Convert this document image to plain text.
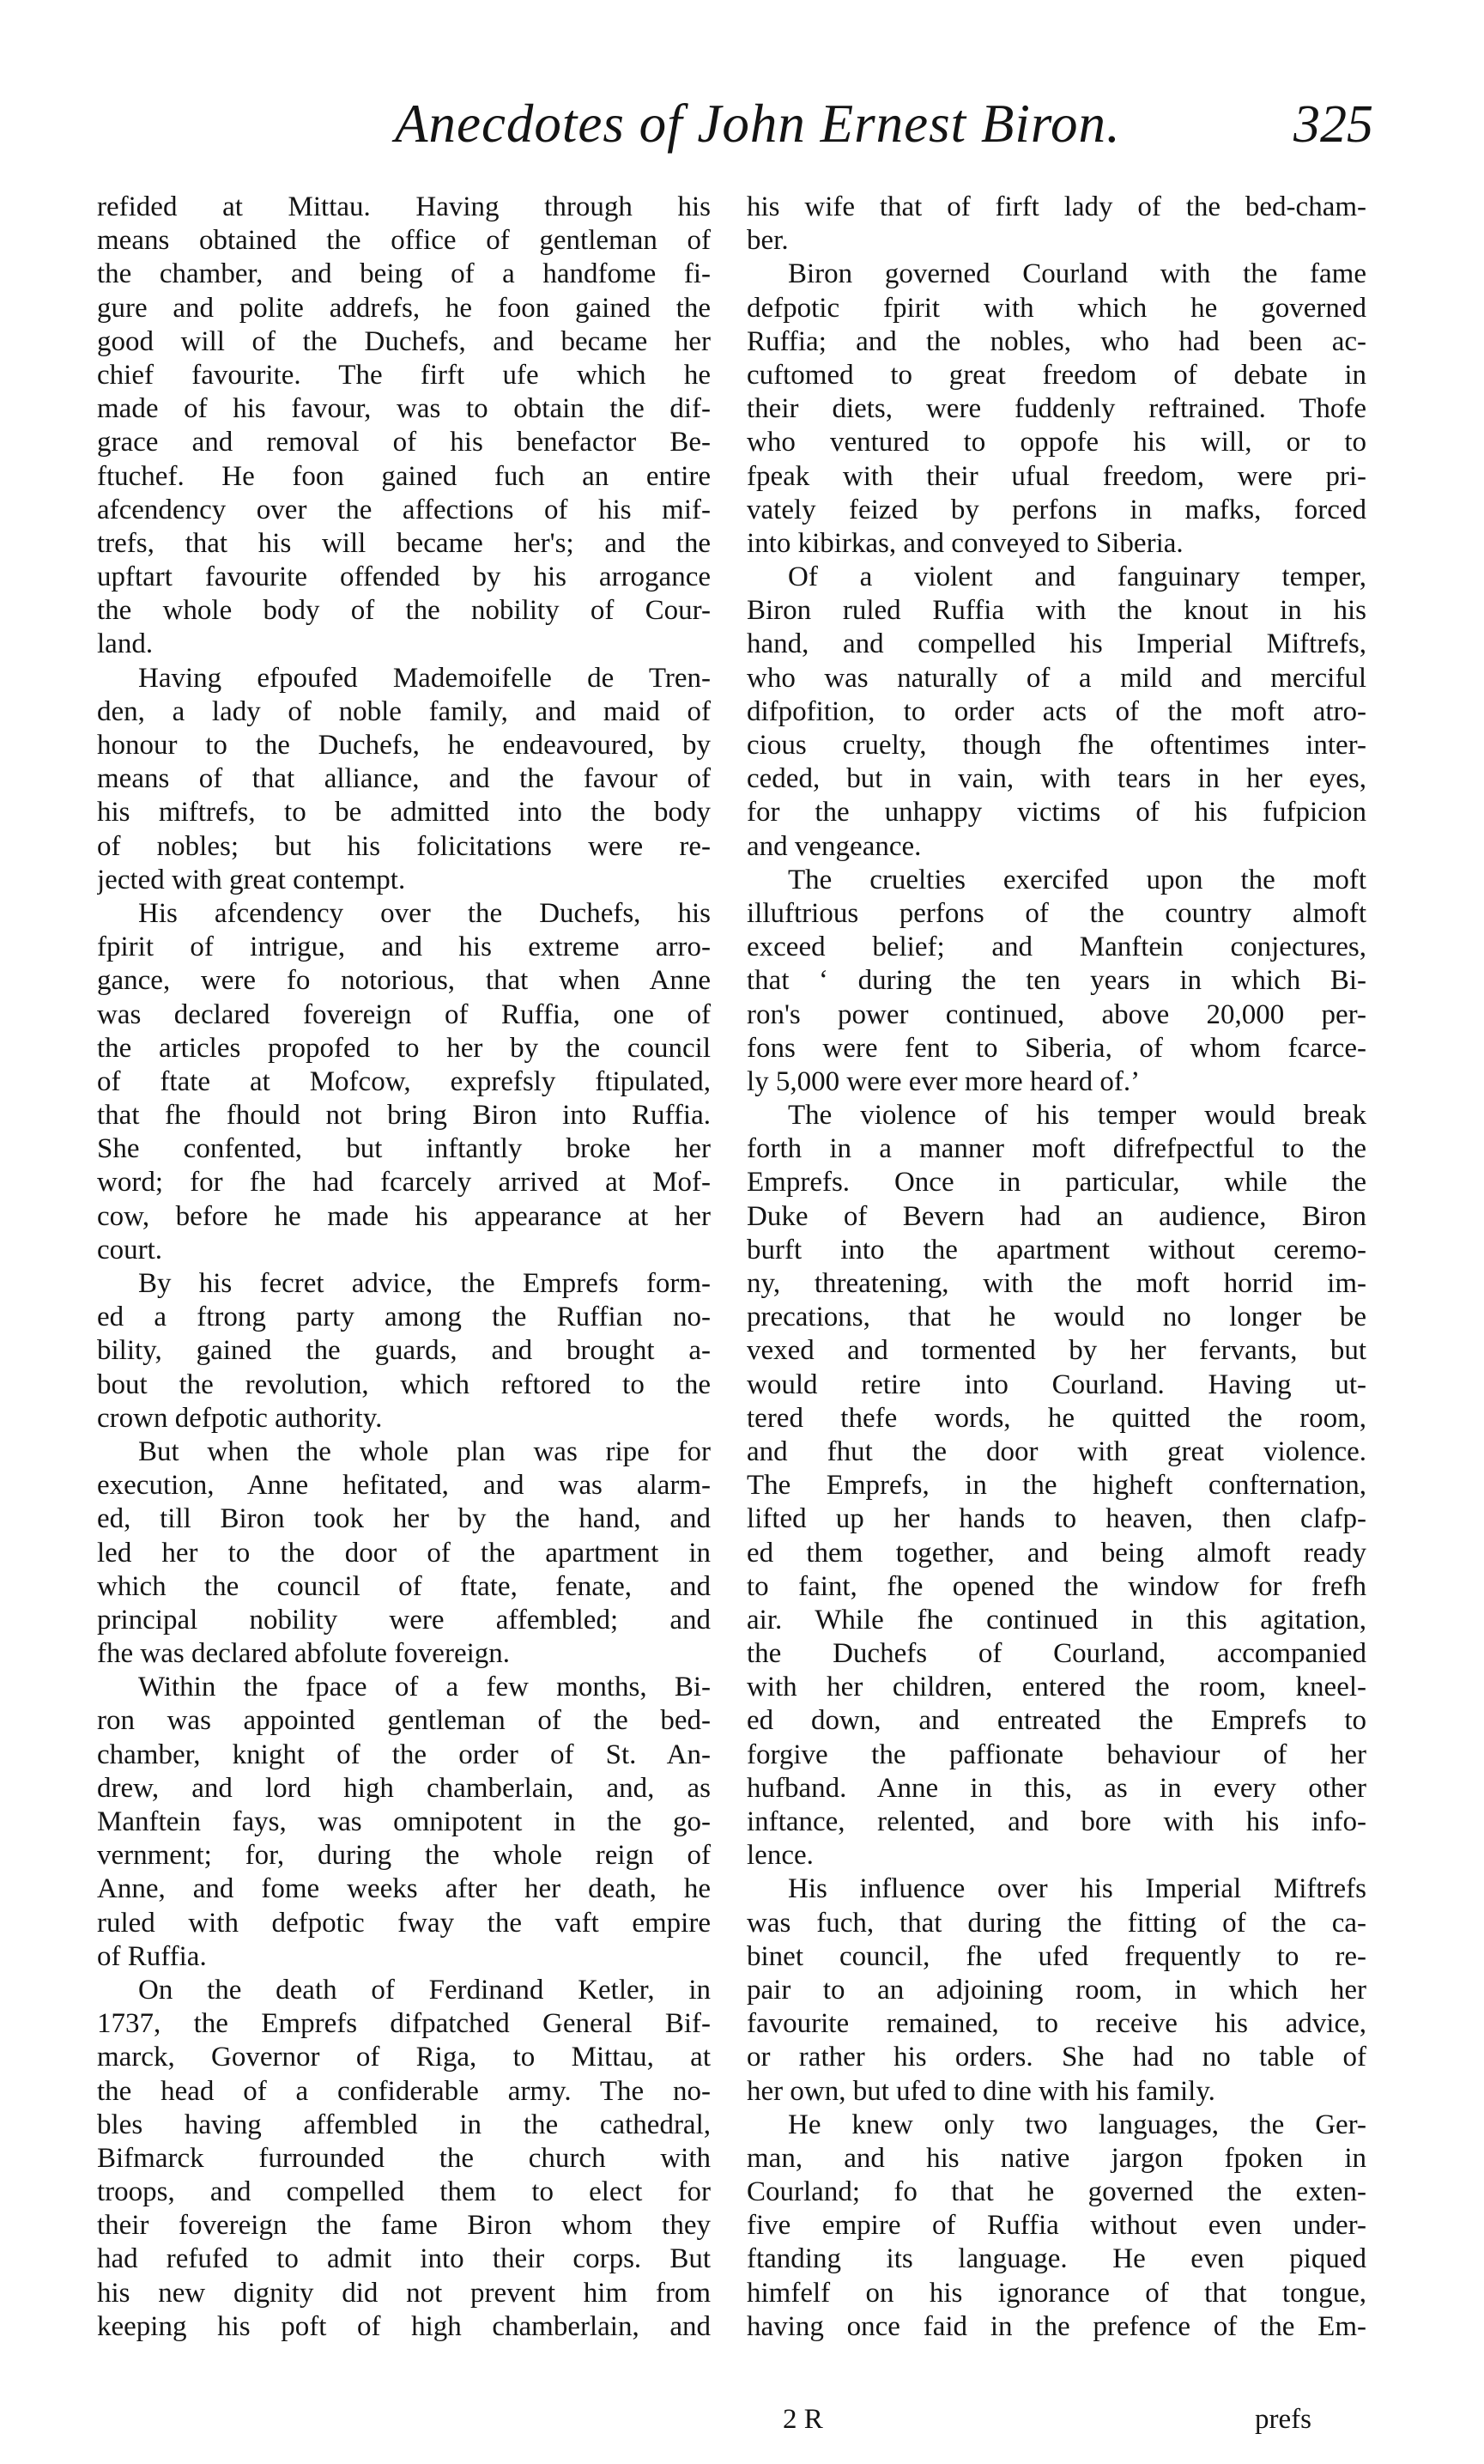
Anecdotes of John Ernest Biron.	325
refided at Mittau. Having through his
means obtained the office of gentleman of
the chamber, and being of a handfome fi-
gure and polite addrefs, he foon gained the
good will of the Duchefs, and became her
chief favourite. The firft ufe which he
made of his favour, was to obtain the dif-
grace and removal of his benefactor Be-
ftuchef. He foon gained fuch an entire
afcendency over the affections of his mif-
trefs, that his will became her's; and the
upftart favourite offended by his arrogance
the whole body of the nobility of Cour-
land.
Having efpoufed Mademoifelle de Tren-
den, a lady of noble family, and maid of
honour to the Duchefs, he endeavoured, by
means of that alliance, and the favour of
his miftrefs, to be admitted into the body
of nobles; but his folicitations were re-
jected with great contempt.
His afcendency over the Duchefs, his
fpirit of intrigue, and his extreme arro-
gance, were fo notorious, that when Anne
was declared fovereign of Ruffia, one of
the articles propofed to her by the council
of ftate at Mofcow, exprefsly ftipulated,
that fhe fhould not bring Biron into Ruffia.
She confented, but inftantly broke her
word; for fhe had fcarcely arrived at Mof-
cow, before he made his appearance at her
court.
By his fecret advice, the Emprefs form-
ed a ftrong party among the Ruffian no-
bility, gained the guards, and brought a-
bout the revolution, which reftored to the
crown defpotic authority.
But when the whole plan was ripe for
execution, Anne hefitated, and was alarm-
ed, till Biron took her by the hand, and
led her to the door of the apartment in
which the council of ftate, fenate, and
principal nobility were affembled; and
fhe was declared abfolute fovereign.
Within the fpace of a few months, Bi-
ron was appointed gentleman of the bed-
chamber, knight of the order of St. An-
drew, and lord high chamberlain, and, as
Manftein fays, was omnipotent in the go-
vernment; for, during the whole reign of
Anne, and fome weeks after her death, he
ruled with defpotic fway the vaft empire
of Ruffia.
On the death of Ferdinand Ketler, in
1737, the Emprefs difpatched General Bif-
marck, Governor of Riga, to Mittau, at
the head of a confiderable army. The no-
bles having affembled in the cathedral,
Bifmarck furrounded the church with
troops, and compelled them to elect for
their fovereign the fame Biron whom they
had refufed to admit into their corps. But
his new dignity did not prevent him from
keeping his poft of high chamberlain, and
his wife that of firft lady of the bed-cham-
ber.
Biron governed Courland with the fame
defpotic fpirit with which he governed
Ruffia; and the nobles, who had been ac-
cuftomed to great freedom of debate in
their diets, were fuddenly reftrained. Thofe
who ventured to oppofe his will, or to
fpeak with their ufual freedom, were pri-
vately feized by perfons in mafks, forced
into kibirkas, and conveyed to Siberia.
Of a violent and fanguinary temper,
Biron ruled Ruffia with the knout in his
hand, and compelled his Imperial Miftrefs,
who was naturally of a mild and merciful
difpofition, to order acts of the moft atro-
cious cruelty, though fhe oftentimes inter-
ceded, but in vain, with tears in her eyes,
for the unhappy victims of his fufpicion
and vengeance.
The cruelties exercifed upon the moft
illuftrious perfons of the country almoft
exceed belief; and Manftein conjectures,
that ‘ during the ten years in which Bi-
ron's power continued, above 20,000 per-
fons were fent to Siberia, of whom fcarce-
ly 5,000 were ever more heard of.’
The violence of his temper would break
forth in a manner moft difrefpectful to the
Emprefs. Once in particular, while the
Duke of Bevern had an audience, Biron
burft into the apartment without ceremo-
ny, threatening, with the moft horrid im-
precations, that he would no longer be
vexed and tormented by her fervants, but
would retire into Courland. Having ut-
tered thefe words, he quitted the room,
and fhut the door with great violence.
The Emprefs, in the higheft confternation,
lifted up her hands to heaven, then clafp-
ed them together, and being almoft ready
to faint, fhe opened the window for frefh
air. While fhe continued in this agitation,
the Duchefs of Courland, accompanied
with her children, entered the room, kneel-
ed down, and entreated the Emprefs to
forgive the paffionate behaviour of her
hufband. Anne in this, as in every other
inftance, relented, and bore with his info-
lence.
His influence over his Imperial Miftrefs
was fuch, that during the fitting of the ca-
binet council, fhe ufed frequently to re-
pair to an adjoining room, in which her
favourite remained, to receive his advice,
or rather his orders. She had no table of
her own, but ufed to dine with his family.
He knew only two languages, the Ger-
man, and his native jargon fpoken in
Courland; fo that he governed the exten-
five empire of Ruffia without even under-
ftanding its language. He even piqued
himfelf on his ignorance of that tongue,
having once faid in the prefence of the Em-
2 R	prefs
